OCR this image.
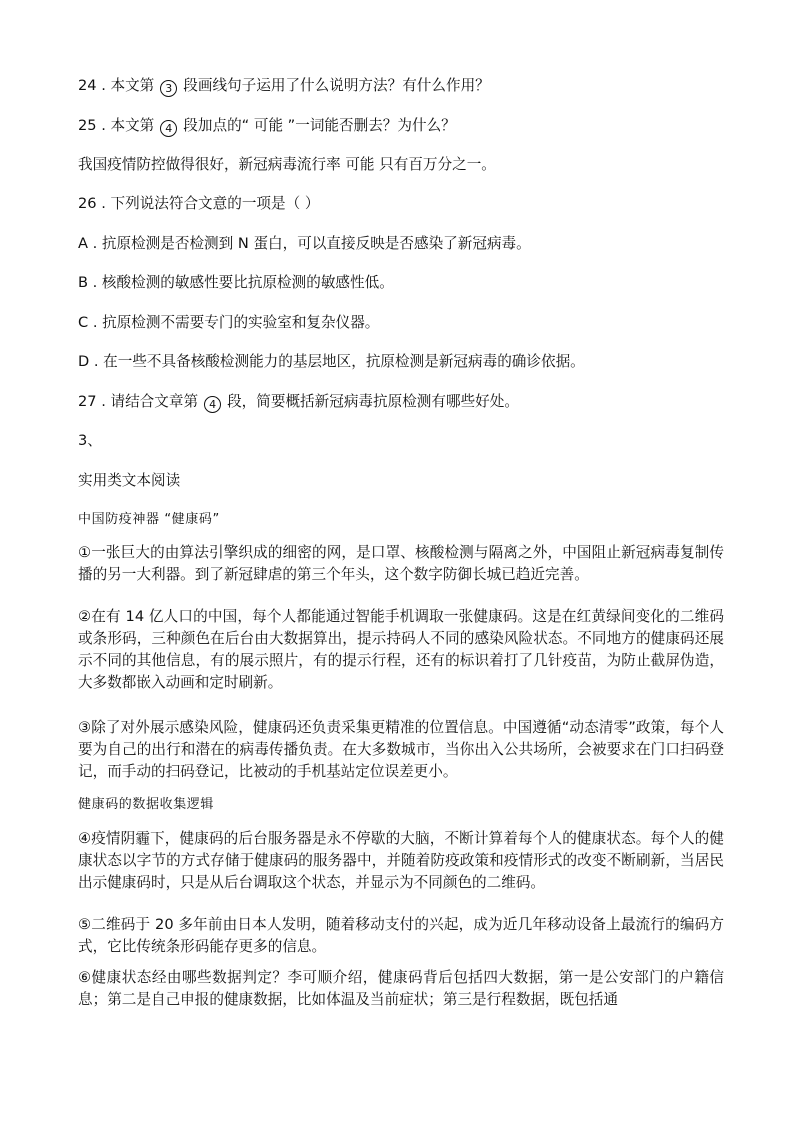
24 . 本文第 3 段画线句子运用了什么说明方法？有什么作用？

25 . 本文第 4 段加点的“ 可能 ”一词能否删去？为什么？

我国疫情防控做得很好，新冠病毒流行率 可能 只有百万分之一。

26 . 下列说法符合文意的一项是（ ）

A . 抗原检测是否检测到 N 蛋白，可以直接反映是否感染了新冠病毒。

B . 核酸检测的敏感性要比抗原检测的敏感性低。

C . 抗原检测不需要专门的实验室和复杂仪器。

D . 在一些不具备核酸检测能力的基层地区，抗原检测是新冠病毒的确诊依据。

27 . 请结合文章第 4 段，简要概括新冠病毒抗原检测有哪些好处。

3、

实用类文本阅读

中国防疫神器 “健康码”

①一张巨大的由算法引擎织成的细密的网，是口罩、核酸检测与隔离之外，中国阻止新冠病毒复制传播的另一大利器。到了新冠肆虐的第三个年头，这个数字防御长城已趋近完善。

②在有 14 亿人口的中国，每个人都能通过智能手机调取一张健康码。这是在红黄绿间变化的二维码或条形码，三种颜色在后台由大数据算出，提示持码人不同的感染风险状态。不同地方的健康码还展示不同的其他信息，有的展示照片，有的提示行程，还有的标识着打了几针疫苗，为防止截屏伪造，大多数都嵌入动画和定时刷新。

③除了对外展示感染风险，健康码还负责采集更精准的位置信息。中国遵循“动态清零”政策，每个人要为自己的出行和潜在的病毒传播负责。在大多数城市，当你出入公共场所，会被要求在门口扫码登记，而手动的扫码登记，比被动的手机基站定位误差更小。

健康码的数据收集逻辑

④疫情阴霾下，健康码的后台服务器是永不停歇的大脑，不断计算着每个人的健康状态。每个人的健康状态以字节的方式存储于健康码的服务器中，并随着防疫政策和疫情形式的改变不断刷新，当居民出示健康码时，只是从后台调取这个状态，并显示为不同颜色的二维码。

⑤二维码于 20 多年前由日本人发明，随着移动支付的兴起，成为近几年移动设备上最流行的编码方式，它比传统条形码能存更多的信息。

⑥健康状态经由哪些数据判定？李可顺介绍，健康码背后包括四大数据，第一是公安部门的户籍信息；第二是自己申报的健康数据，比如体温及当前症状；第三是行程数据，既包括通
